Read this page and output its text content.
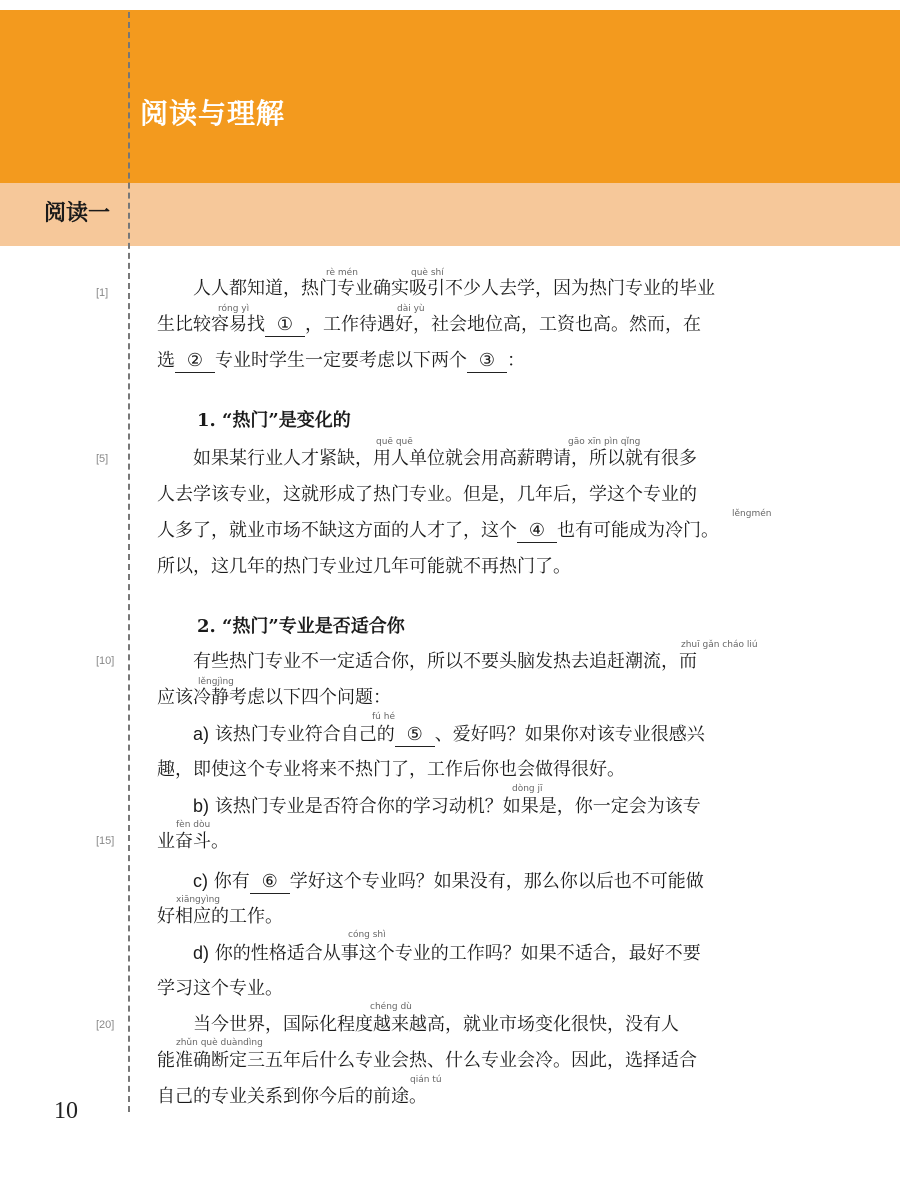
阅读与理解
阅读一
[1]
[5]
[10]
[15]
[20]
rè mén	què shí
róng yì	dài yù
quē quē	gāo xīn pìn qǐng
lěngmén
zhuī gǎn cháo liú
lěngjìng
fú hé
dòng jī
fèn dòu
xiāngyìng
cóng shì
chéng dù
zhǔn què duàndìng
qián tú
人人都知道，热门专业确实吸引不少人去学，因为热门专业的毕业
生比较容易找 ① ，工作待遇好，社会地位高，工资也高。然而，在
选 ② 专业时学生一定要考虑以下两个 ③ ：
1. “热门”是变化的
如果某行业人才紧缺，用人单位就会用高薪聘请，所以就有很多
人去学该专业，这就形成了热门专业。但是，几年后，学这个专业的
人多了，就业市场不缺这方面的人才了，这个 ④ 也有可能成为冷门。
所以，这几年的热门专业过几年可能就不再热门了。
2. “热门”专业是否适合你
有些热门专业不一定适合你，所以不要头脑发热去追赶潮流，而
应该冷静考虑以下四个问题：
a) 该热门专业符合自己的 ⑤ 、爱好吗？如果你对该专业很感兴
趣，即使这个专业将来不热门了，工作后你也会做得很好。
b) 该热门专业是否符合你的学习动机？如果是，你一定会为该专
业奋斗。
c) 你有 ⑥ 学好这个专业吗？如果没有，那么你以后也不可能做
好相应的工作。
d) 你的性格适合从事这个专业的工作吗？如果不适合，最好不要
学习这个专业。
当今世界，国际化程度越来越高，就业市场变化很快，没有人
能准确断定三五年后什么专业会热、什么专业会冷。因此，选择适合
自己的专业关系到你今后的前途。
10
